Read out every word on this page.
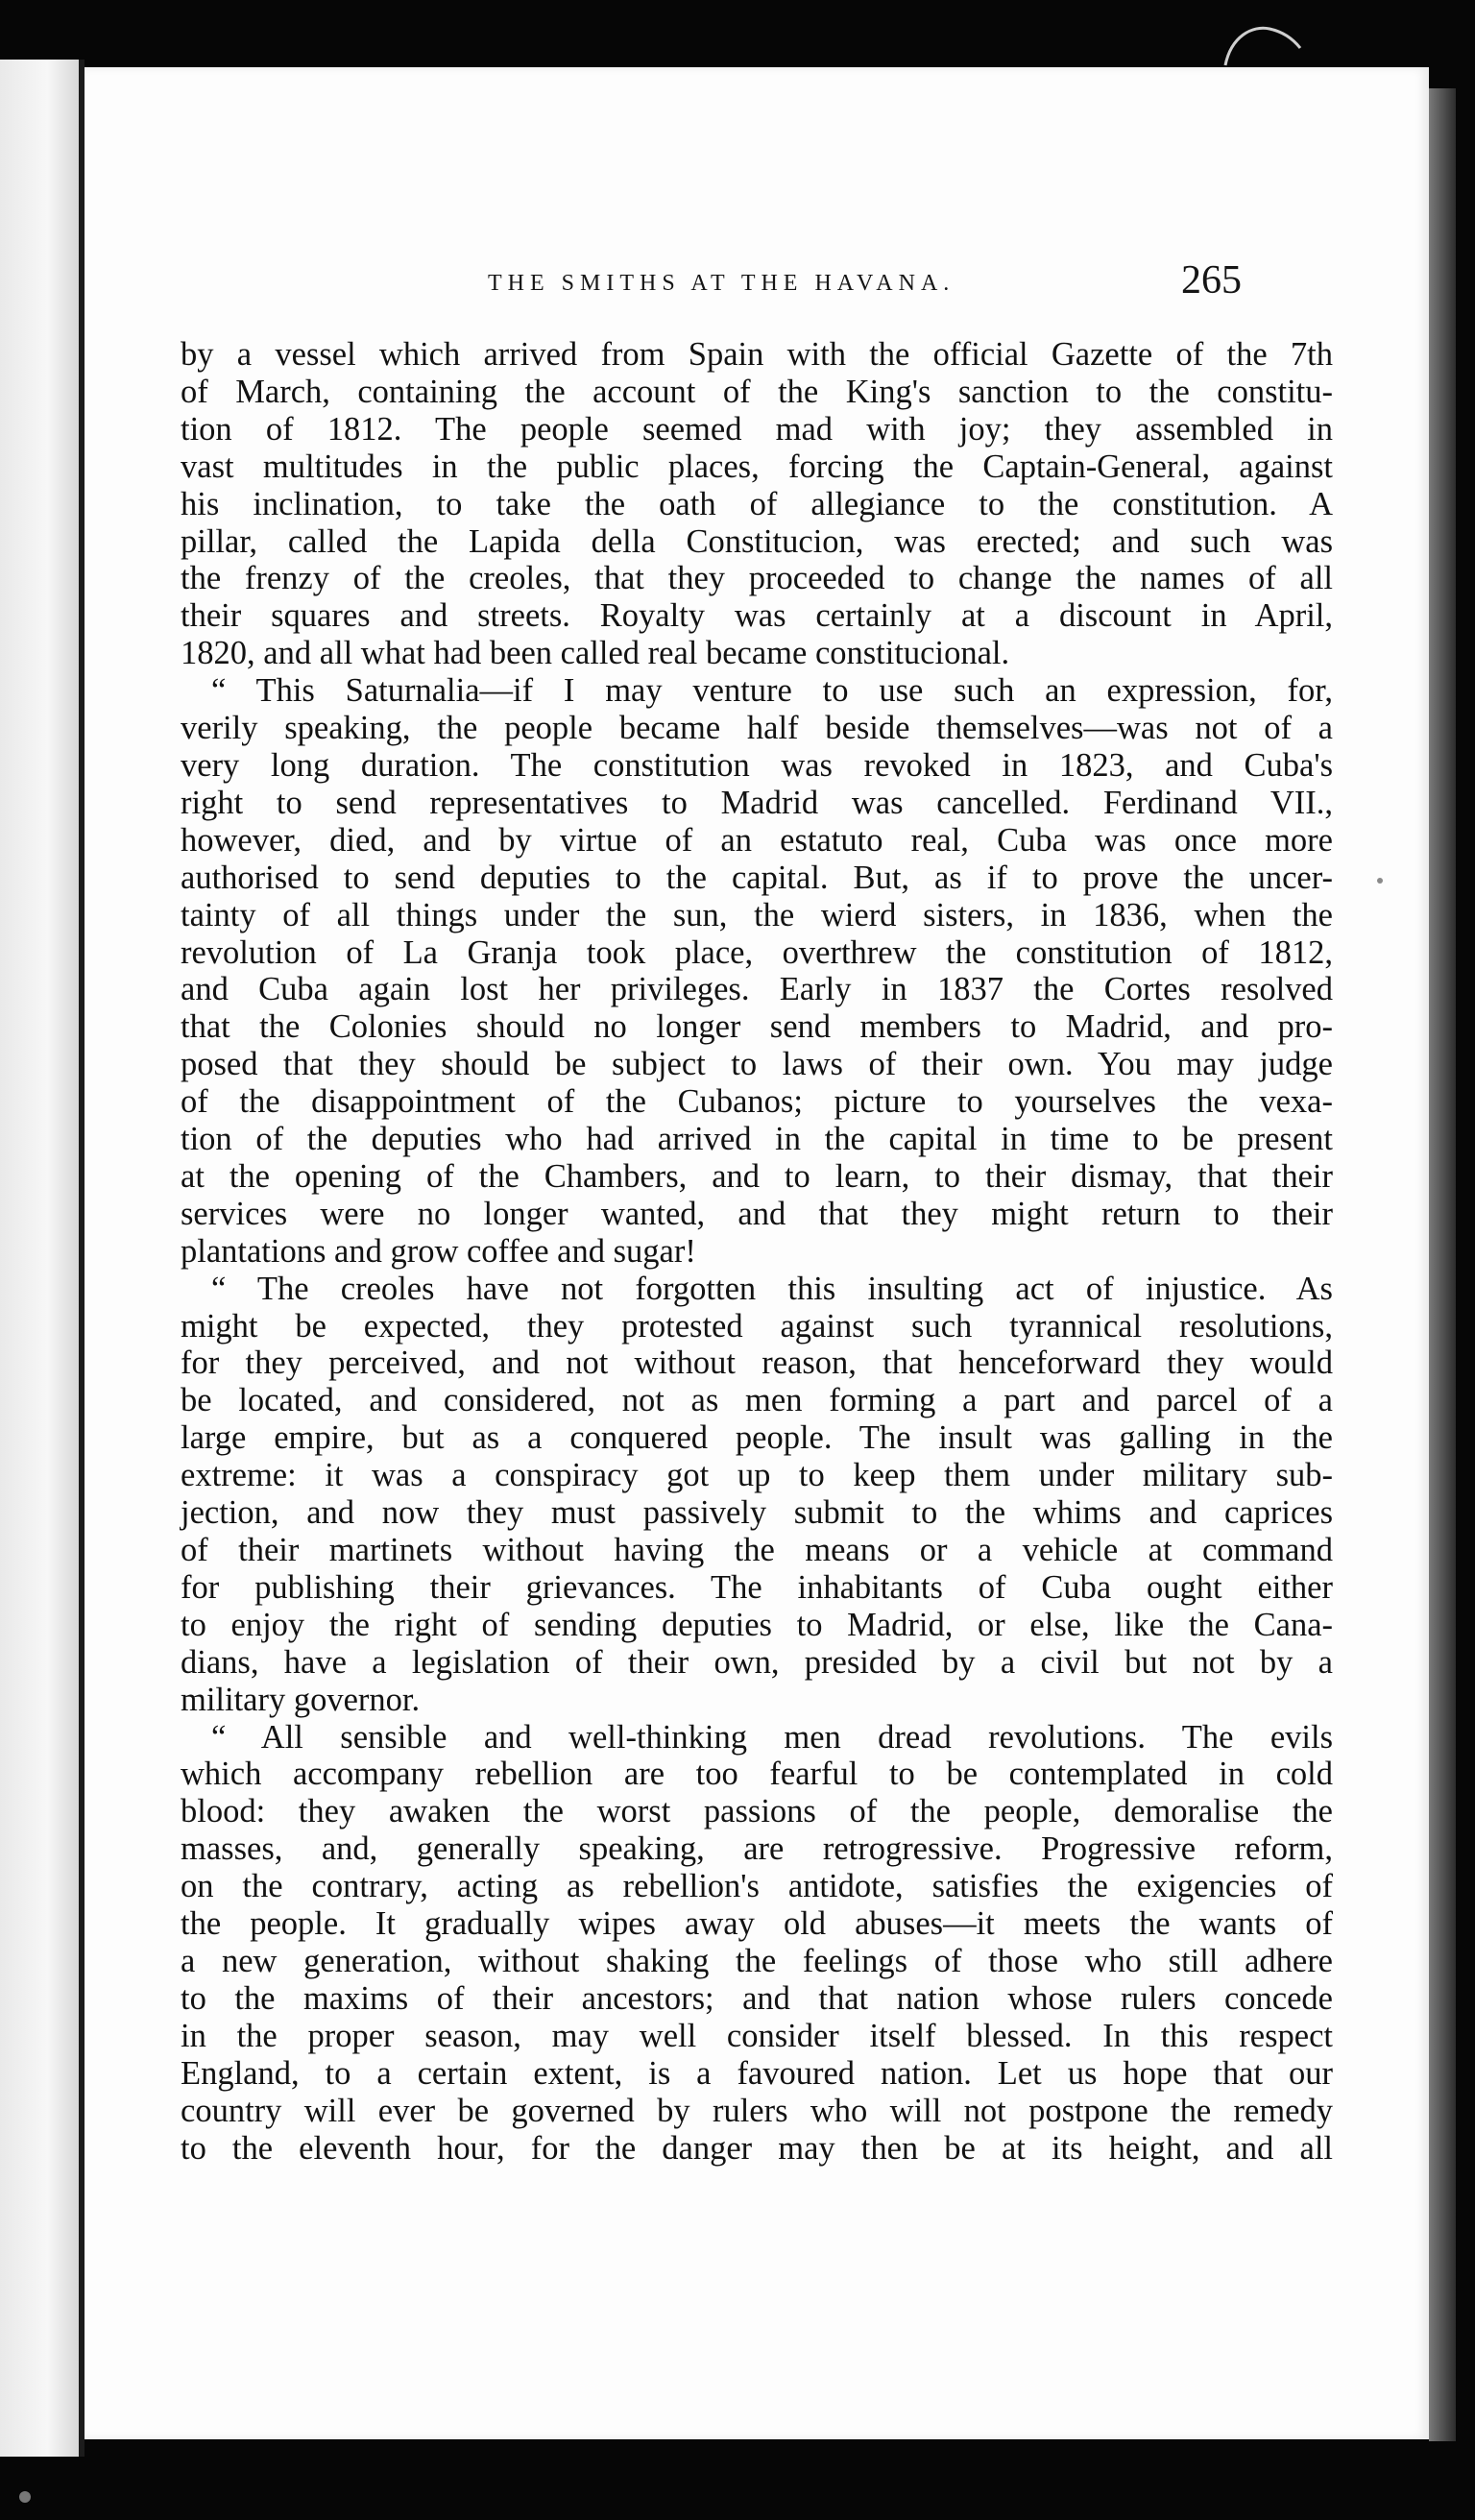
THE SMITHS AT THE HAVANA.	265
by a vessel which arrived from Spain with the official Gazette of the 7th
of March, containing the account of the King's sanction to the constitu-
tion of 1812. The people seemed mad with joy; they assembled in
vast multitudes in the public places, forcing the Captain-General, against
his inclination, to take the oath of allegiance to the constitution. A
pillar, called the Lapida della Constitucion, was erected; and such was
the frenzy of the creoles, that they proceeded to change the names of all
their squares and streets. Royalty was certainly at a discount in April,
1820, and all what had been called real became constitucional.
“ This Saturnalia—if I may venture to use such an expression, for,
verily speaking, the people became half beside themselves—was not of a
very long duration. The constitution was revoked in 1823, and Cuba's
right to send representatives to Madrid was cancelled. Ferdinand VII.,
however, died, and by virtue of an estatuto real, Cuba was once more
authorised to send deputies to the capital. But, as if to prove the uncer-
tainty of all things under the sun, the wierd sisters, in 1836, when the
revolution of La Granja took place, overthrew the constitution of 1812,
and Cuba again lost her privileges. Early in 1837 the Cortes resolved
that the Colonies should no longer send members to Madrid, and pro-
posed that they should be subject to laws of their own. You may judge
of the disappointment of the Cubanos; picture to yourselves the vexa-
tion of the deputies who had arrived in the capital in time to be present
at the opening of the Chambers, and to learn, to their dismay, that their
services were no longer wanted, and that they might return to their
plantations and grow coffee and sugar!
“ The creoles have not forgotten this insulting act of injustice. As
might be expected, they protested against such tyrannical resolutions,
for they perceived, and not without reason, that henceforward they would
be located, and considered, not as men forming a part and parcel of a
large empire, but as a conquered people. The insult was galling in the
extreme: it was a conspiracy got up to keep them under military sub-
jection, and now they must passively submit to the whims and caprices
of their martinets without having the means or a vehicle at command
for publishing their grievances. The inhabitants of Cuba ought either
to enjoy the right of sending deputies to Madrid, or else, like the Cana-
dians, have a legislation of their own, presided by a civil but not by a
military governor.
“ All sensible and well-thinking men dread revolutions. The evils
which accompany rebellion are too fearful to be contemplated in cold
blood: they awaken the worst passions of the people, demoralise the
masses, and, generally speaking, are retrogressive. Progressive reform,
on the contrary, acting as rebellion's antidote, satisfies the exigencies of
the people. It gradually wipes away old abuses—it meets the wants of
a new generation, without shaking the feelings of those who still adhere
to the maxims of their ancestors; and that nation whose rulers concede
in the proper season, may well consider itself blessed. In this respect
England, to a certain extent, is a favoured nation. Let us hope that our
country will ever be governed by rulers who will not postpone the remedy
to the eleventh hour, for the danger may then be at its height, and all
